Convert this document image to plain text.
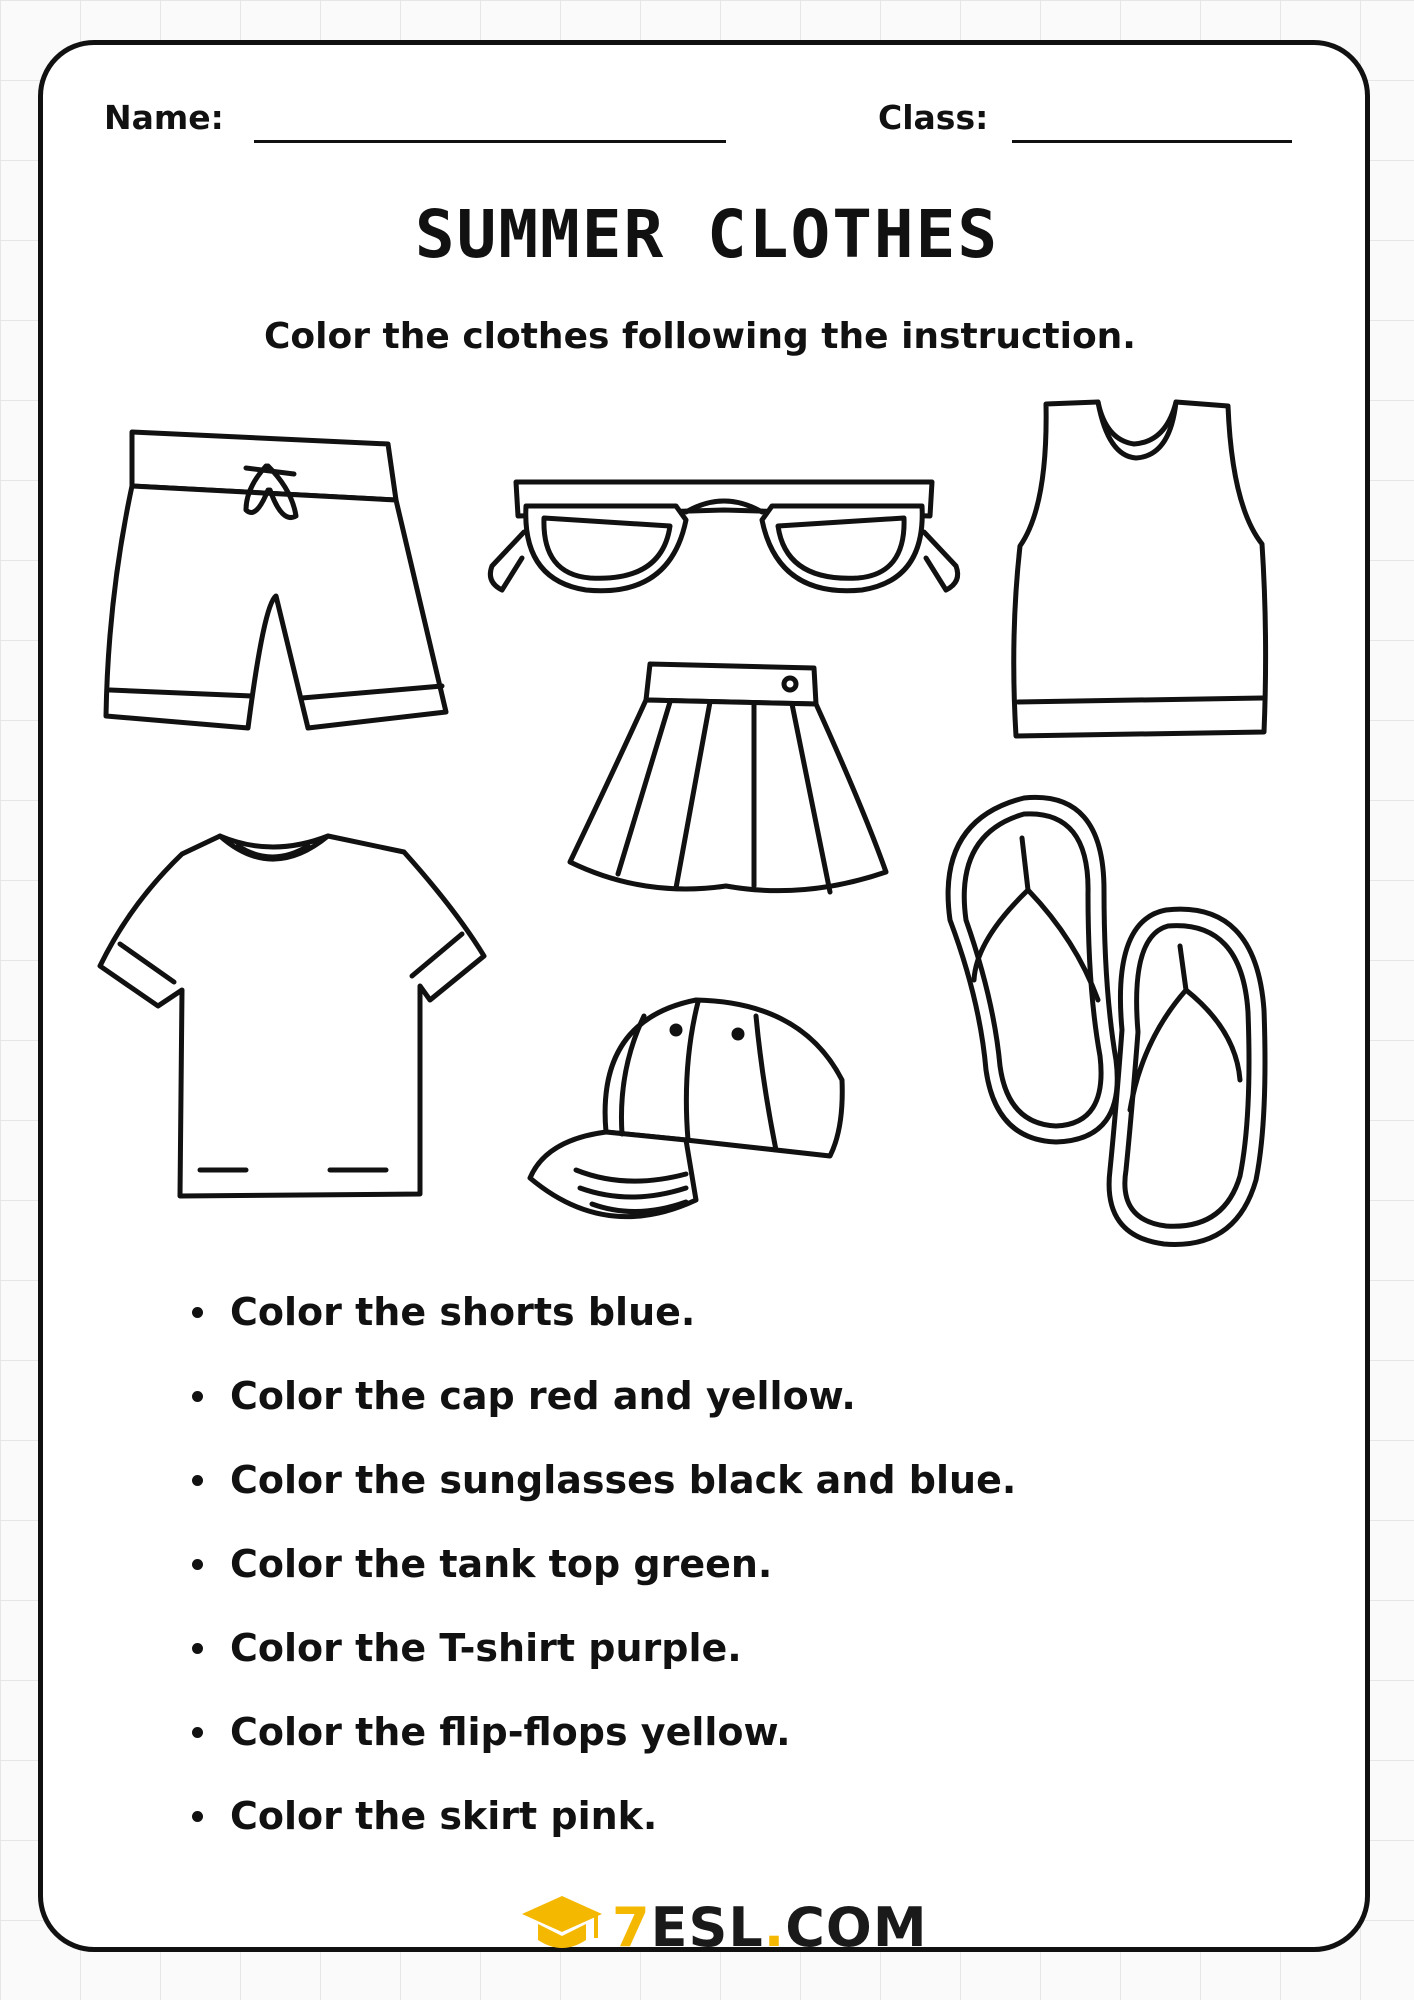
Name:	Class:
SUMMER CLOTHES
Color the clothes following the instruction.
Color the shorts blue.
Color the cap red and yellow.
Color the sunglasses black and blue.
Color the tank top green.
Color the T-shirt purple.
Color the flip-flops yellow.
Color the skirt pink.
7ESL.COM
